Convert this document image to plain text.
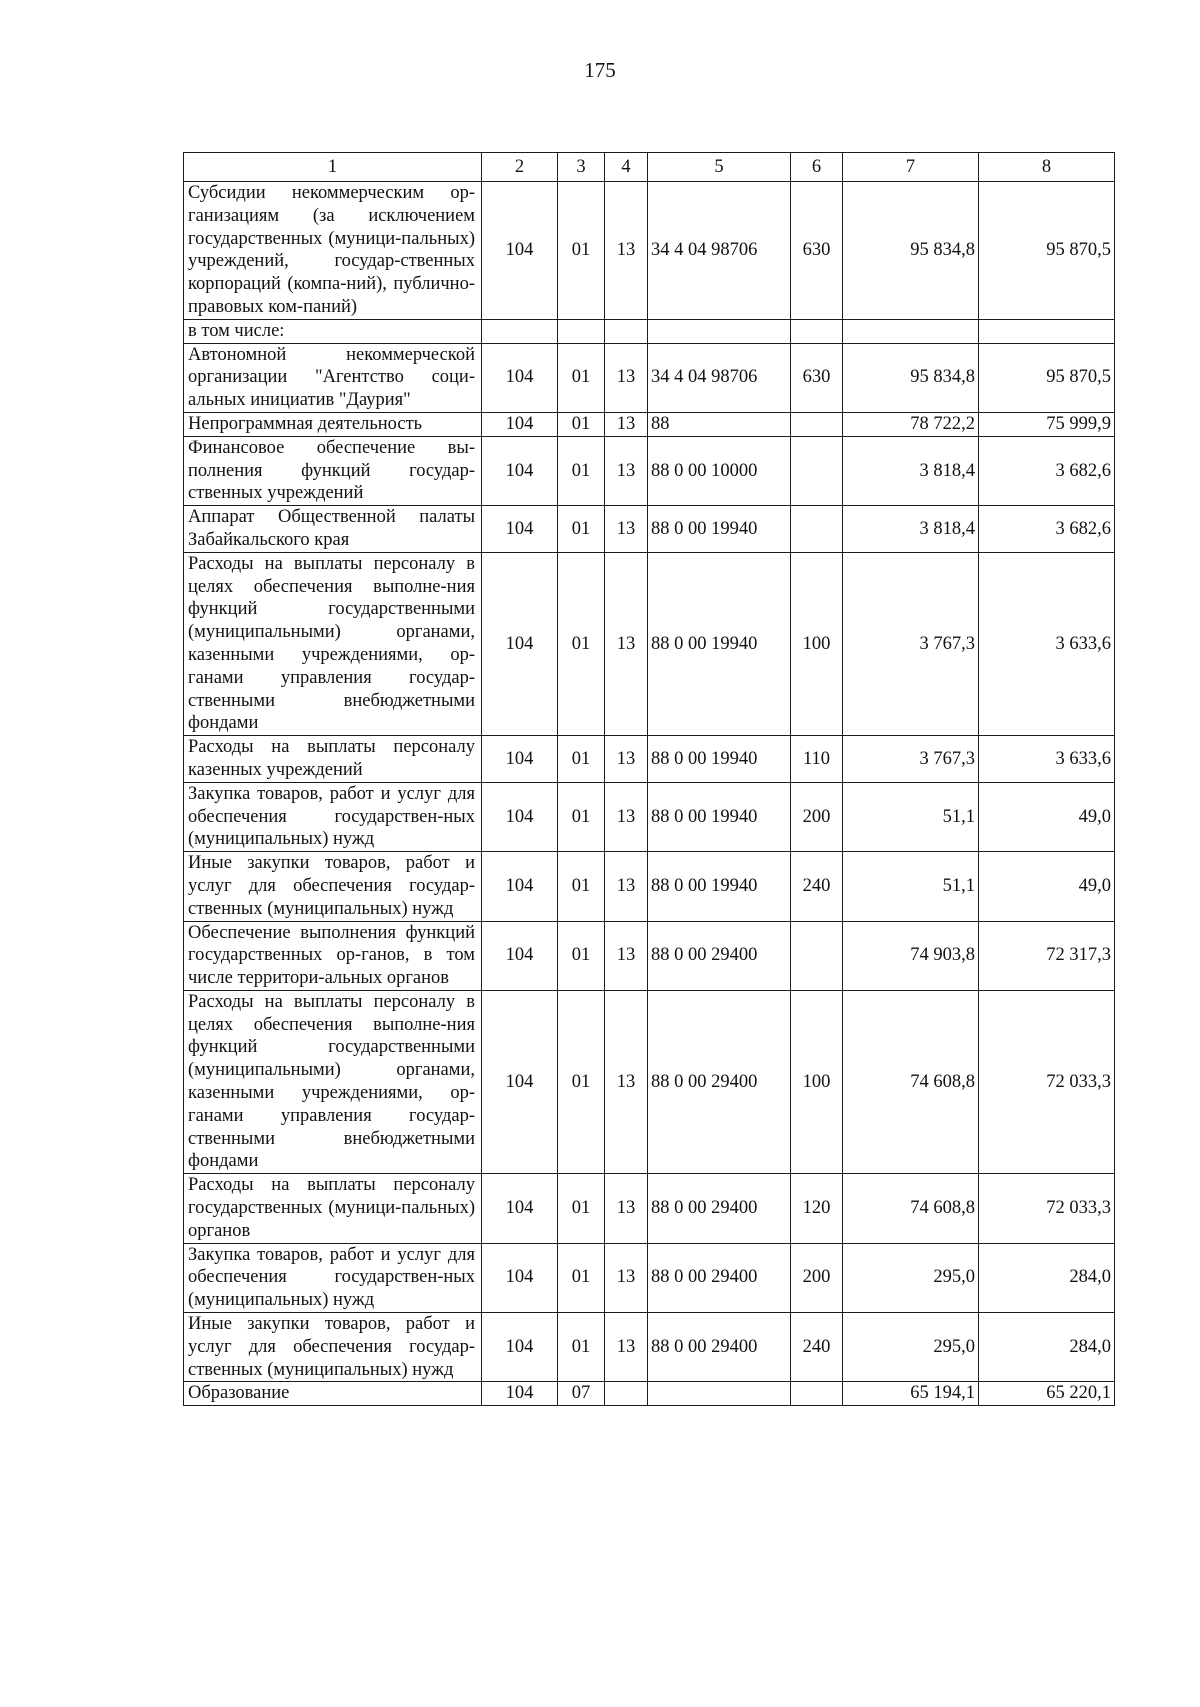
175
1	2	3	4	5	6	7	8
Субсидии некоммерческим ор-ганизациям (за исключением государственных (муници-пальных) учреждений, государ-ственных корпораций (компа-ний), публично-правовых ком-паний)	104	01	13	34 4 04 98706	630	95 834,8	95 870,5
в том числе:							
Автономной некоммерческой организации "Агентство соци-альных инициатив "Даурия"	104	01	13	34 4 04 98706	630	95 834,8	95 870,5
Непрограммная деятельность	104	01	13	88		78 722,2	75 999,9
Финансовое обеспечение вы-полнения функций государ-ственных учреждений	104	01	13	88 0 00 10000		3 818,4	3 682,6
Аппарат Общественной палаты Забайкальского края	104	01	13	88 0 00 19940		3 818,4	3 682,6
Расходы на выплаты персоналу в целях обеспечения выполне-ния функций государственными (муниципальными) органами, казенными учреждениями, ор-ганами управления государ-ственными внебюджетными фондами	104	01	13	88 0 00 19940	100	3 767,3	3 633,6
Расходы на выплаты персоналу казенных учреждений	104	01	13	88 0 00 19940	110	3 767,3	3 633,6
Закупка товаров, работ и услуг для обеспечения государствен-ных (муниципальных) нужд	104	01	13	88 0 00 19940	200	51,1	49,0
Иные закупки товаров, работ и услуг для обеспечения государ-ственных (муниципальных) нужд	104	01	13	88 0 00 19940	240	51,1	49,0
Обеспечение выполнения функций государственных ор-ганов, в том числе территори-альных органов	104	01	13	88 0 00 29400		74 903,8	72 317,3
Расходы на выплаты персоналу в целях обеспечения выполне-ния функций государственными (муниципальными) органами, казенными учреждениями, ор-ганами управления государ-ственными внебюджетными фондами	104	01	13	88 0 00 29400	100	74 608,8	72 033,3
Расходы на выплаты персоналу государственных (муници-пальных) органов	104	01	13	88 0 00 29400	120	74 608,8	72 033,3
Закупка товаров, работ и услуг для обеспечения государствен-ных (муниципальных) нужд	104	01	13	88 0 00 29400	200	295,0	284,0
Иные закупки товаров, работ и услуг для обеспечения государ-ственных (муниципальных) нужд	104	01	13	88 0 00 29400	240	295,0	284,0
Образование	104	07				65 194,1	65 220,1
